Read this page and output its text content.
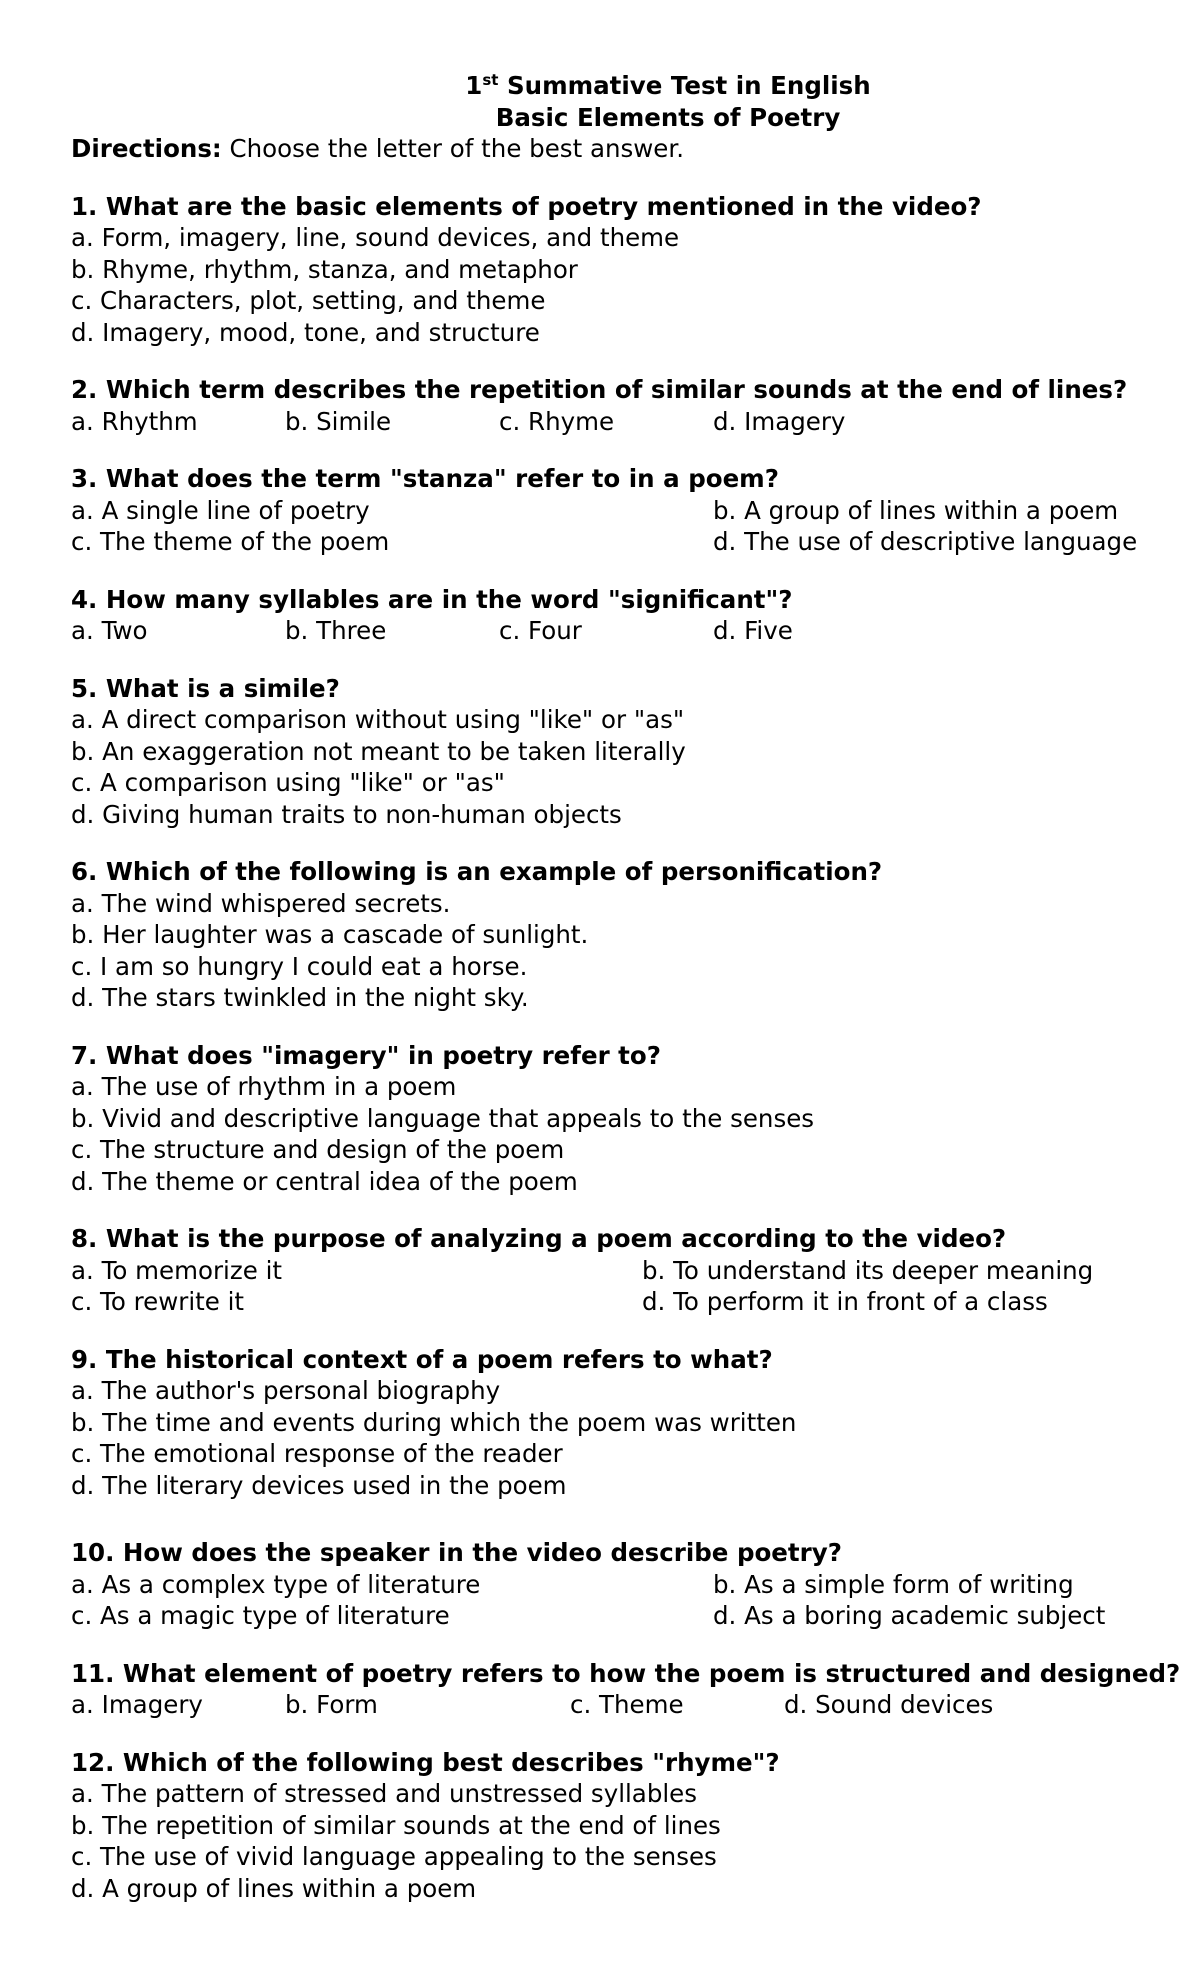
1st Summative Test in English
Basic Elements of Poetry
Directions: Choose the letter of the best answer.
1. What are the basic elements of poetry mentioned in the video?
a. Form, imagery, line, sound devices, and theme
b. Rhyme, rhythm, stanza, and metaphor
c. Characters, plot, setting, and theme
d. Imagery, mood, tone, and structure
2. Which term describes the repetition of similar sounds at the end of lines?
a. Rhythm	b. Simile	c. Rhyme	d. Imagery
3. What does the term "stanza" refer to in a poem?
a. A single line of poetry	b. A group of lines within a poem
c. The theme of the poem	d. The use of descriptive language
4. How many syllables are in the word "significant"?
a. Two	b. Three	c. Four	d. Five
5. What is a simile?
a. A direct comparison without using "like" or "as"
b. An exaggeration not meant to be taken literally
c. A comparison using "like" or "as"
d. Giving human traits to non-human objects
6. Which of the following is an example of personification?
a. The wind whispered secrets.
b. Her laughter was a cascade of sunlight.
c. I am so hungry I could eat a horse.
d. The stars twinkled in the night sky.
7. What does "imagery" in poetry refer to?
a. The use of rhythm in a poem
b. Vivid and descriptive language that appeals to the senses
c. The structure and design of the poem
d. The theme or central idea of the poem
8. What is the purpose of analyzing a poem according to the video?
a. To memorize it	b. To understand its deeper meaning
c. To rewrite it	d. To perform it in front of a class
9. The historical context of a poem refers to what?
a. The author's personal biography
b. The time and events during which the poem was written
c. The emotional response of the reader
d. The literary devices used in the poem
10. How does the speaker in the video describe poetry?
a. As a complex type of literature	b. As a simple form of writing
c. As a magic type of literature	d. As a boring academic subject
11. What element of poetry refers to how the poem is structured and designed?
a. Imagery	b. Form	c. Theme	d. Sound devices
12. Which of the following best describes "rhyme"?
a. The pattern of stressed and unstressed syllables
b. The repetition of similar sounds at the end of lines
c. The use of vivid language appealing to the senses
d. A group of lines within a poem
